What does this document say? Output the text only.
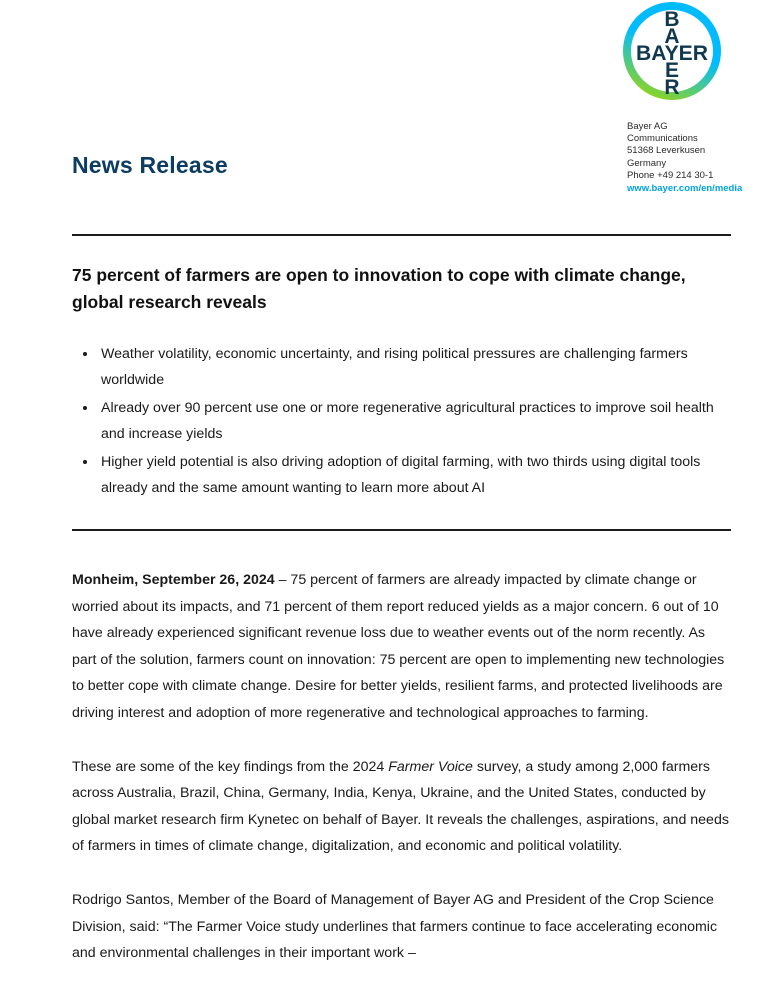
BAYER
B
A
E
R
Bayer AG
Communications
51368 Leverkusen
Germany
Phone +49 214 30-1
www.bayer.com/en/media
News Release
75 percent of farmers are open to innovation to cope with climate change, global research reveals
• Weather volatility, economic uncertainty, and rising political pressures are challenging farmers worldwide
• Already over 90 percent use one or more regenerative agricultural practices to improve soil health and increase yields
• Higher yield potential is also driving adoption of digital farming, with two thirds using digital tools already and the same amount wanting to learn more about AI

Monheim, September 26, 2024 – 75 percent of farmers are already impacted by climate change or worried about its impacts, and 71 percent of them report reduced yields as a major concern. 6 out of 10 have already experienced significant revenue loss due to weather events out of the norm recently. As part of the solution, farmers count on innovation: 75 percent are open to implementing new technologies to better cope with climate change. Desire for better yields, resilient farms, and protected livelihoods are driving interest and adoption of more regenerative and technological approaches to farming.

These are some of the key findings from the 2024 Farmer Voice survey, a study among 2,000 farmers across Australia, Brazil, China, Germany, India, Kenya, Ukraine, and the United States, conducted by global market research firm Kynetec on behalf of Bayer. It reveals the challenges, aspirations, and needs of farmers in times of climate change, digitalization, and economic and political volatility.

Rodrigo Santos, Member of the Board of Management of Bayer AG and President of the Crop Science Division, said: “The Farmer Voice study underlines that farmers continue to face accelerating economic and environmental challenges in their important work –
